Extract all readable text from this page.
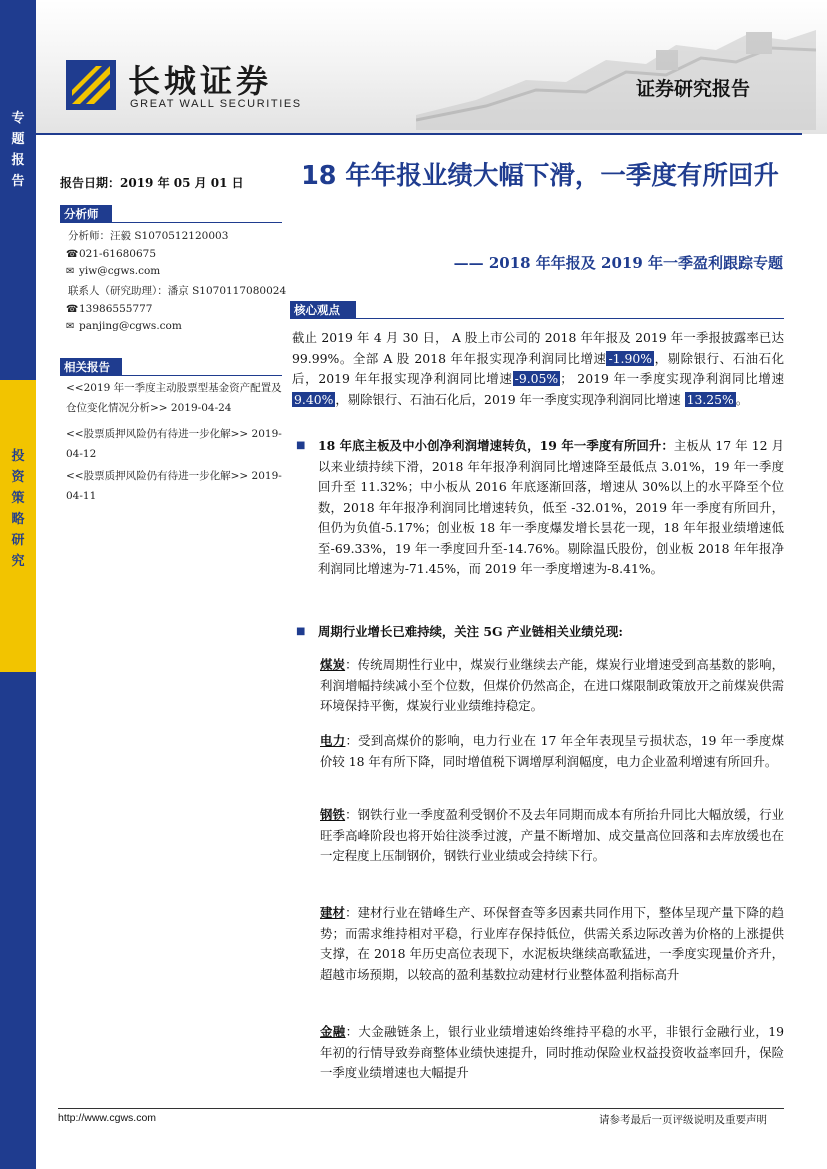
专题报告
投资策略研究
长城证券
GREAT WALL SECURITIES
证券研究报告
报告日期：2019 年 05 月 01 日
分析师
分析师：汪毅 S1070512120003
☎ 021-61680675
✉ yiw@cgws.com
联系人（研究助理）：潘京 S1070117080024
☎ 13986555777
✉ panjing@cgws.com
相关报告
<<2019 年一季度主动股票型基金资产配置及仓位变化情况分析>> 2019-04-24
<<股票质押风险仍有待进一步化解>> 2019-04-12
<<股票质押风险仍有待进一步化解>> 2019-04-11
18 年年报业绩大幅下滑，一季度有所回升
—— 2018 年年报及 2019 年一季盈利跟踪专题
核心观点
截止 2019 年 4 月 30 日， A 股上市公司的 2018 年年报及 2019 年一季报披露率已达 99.99%。全部 A 股 2018 年年报实现净利润同比增速 -1.90% ，剔除银行、石油石化后，2019 年年报实现净利润同比增速 -9.05% ； 2019 年一季度实现净利润同比增速 9.40% ，剔除银行、石油石化后，2019 年一季度实现净利润同比增速 13.25% 。
■ 18 年底主板及中小创净利润增速转负，19 年一季度有所回升：主板从 17 年 12 月以来业绩持续下滑，2018 年年报净利润同比增速降至最低点 3.01%，19 年一季度回升至 11.32%；中小板从 2016 年底逐渐回落，增速从 30%以上的水平降至个位数，2018 年年报净利润同比增速转负，低至 -32.01%，2019 年一季度有所回升，但仍为负值-5.17%；创业板 18 年一季度爆发增长昙花一现，18 年年报业绩增速低至-69.33%，19 年一季度回升至-14.76%。剔除温氏股份，创业板 2018 年年报净利润同比增速为-71.45%，而 2019 年一季度增速为-8.41%。
■ 周期行业增长已难持续，关注 5G 产业链相关业绩兑现:
煤炭：传统周期性行业中，煤炭行业继续去产能，煤炭行业增速受到高基数的影响，利润增幅持续减小至个位数，但煤价仍然高企，在进口煤限制政策放开之前煤炭供需环境保持平衡，煤炭行业业绩维持稳定。
电力：受到高煤价的影响，电力行业在 17 年全年表现呈亏损状态，19 年一季度煤价较 18 年有所下降，同时增值税下调增厚利润幅度，电力企业盈利增速有所回升。
钢铁：钢铁行业一季度盈利受钢价不及去年同期而成本有所抬升同比大幅放缓，行业旺季高峰阶段也将开始往淡季过渡，产量不断增加、成交量高位回落和去库放缓也在一定程度上压制钢价，钢铁行业业绩或会持续下行。
建材：建材行业在错峰生产、环保督查等多因素共同作用下，整体呈现产量下降的趋势；而需求维持相对平稳，行业库存保持低位，供需关系边际改善为价格的上涨提供支撑，在 2018 年历史高位表现下，水泥板块继续高歌猛进，一季度实现量价齐升，超越市场预期，以较高的盈利基数拉动建材行业整体盈利指标高升
金融：大金融链条上，银行业业绩增速始终维持平稳的水平，非银行金融行业，19 年初的行情导致券商整体业绩快速提升，同时推动保险业权益投资收益率回升，保险一季度业绩增速也大幅提升
http://www.cgws.com	请参考最后一页评级说明及重要声明
